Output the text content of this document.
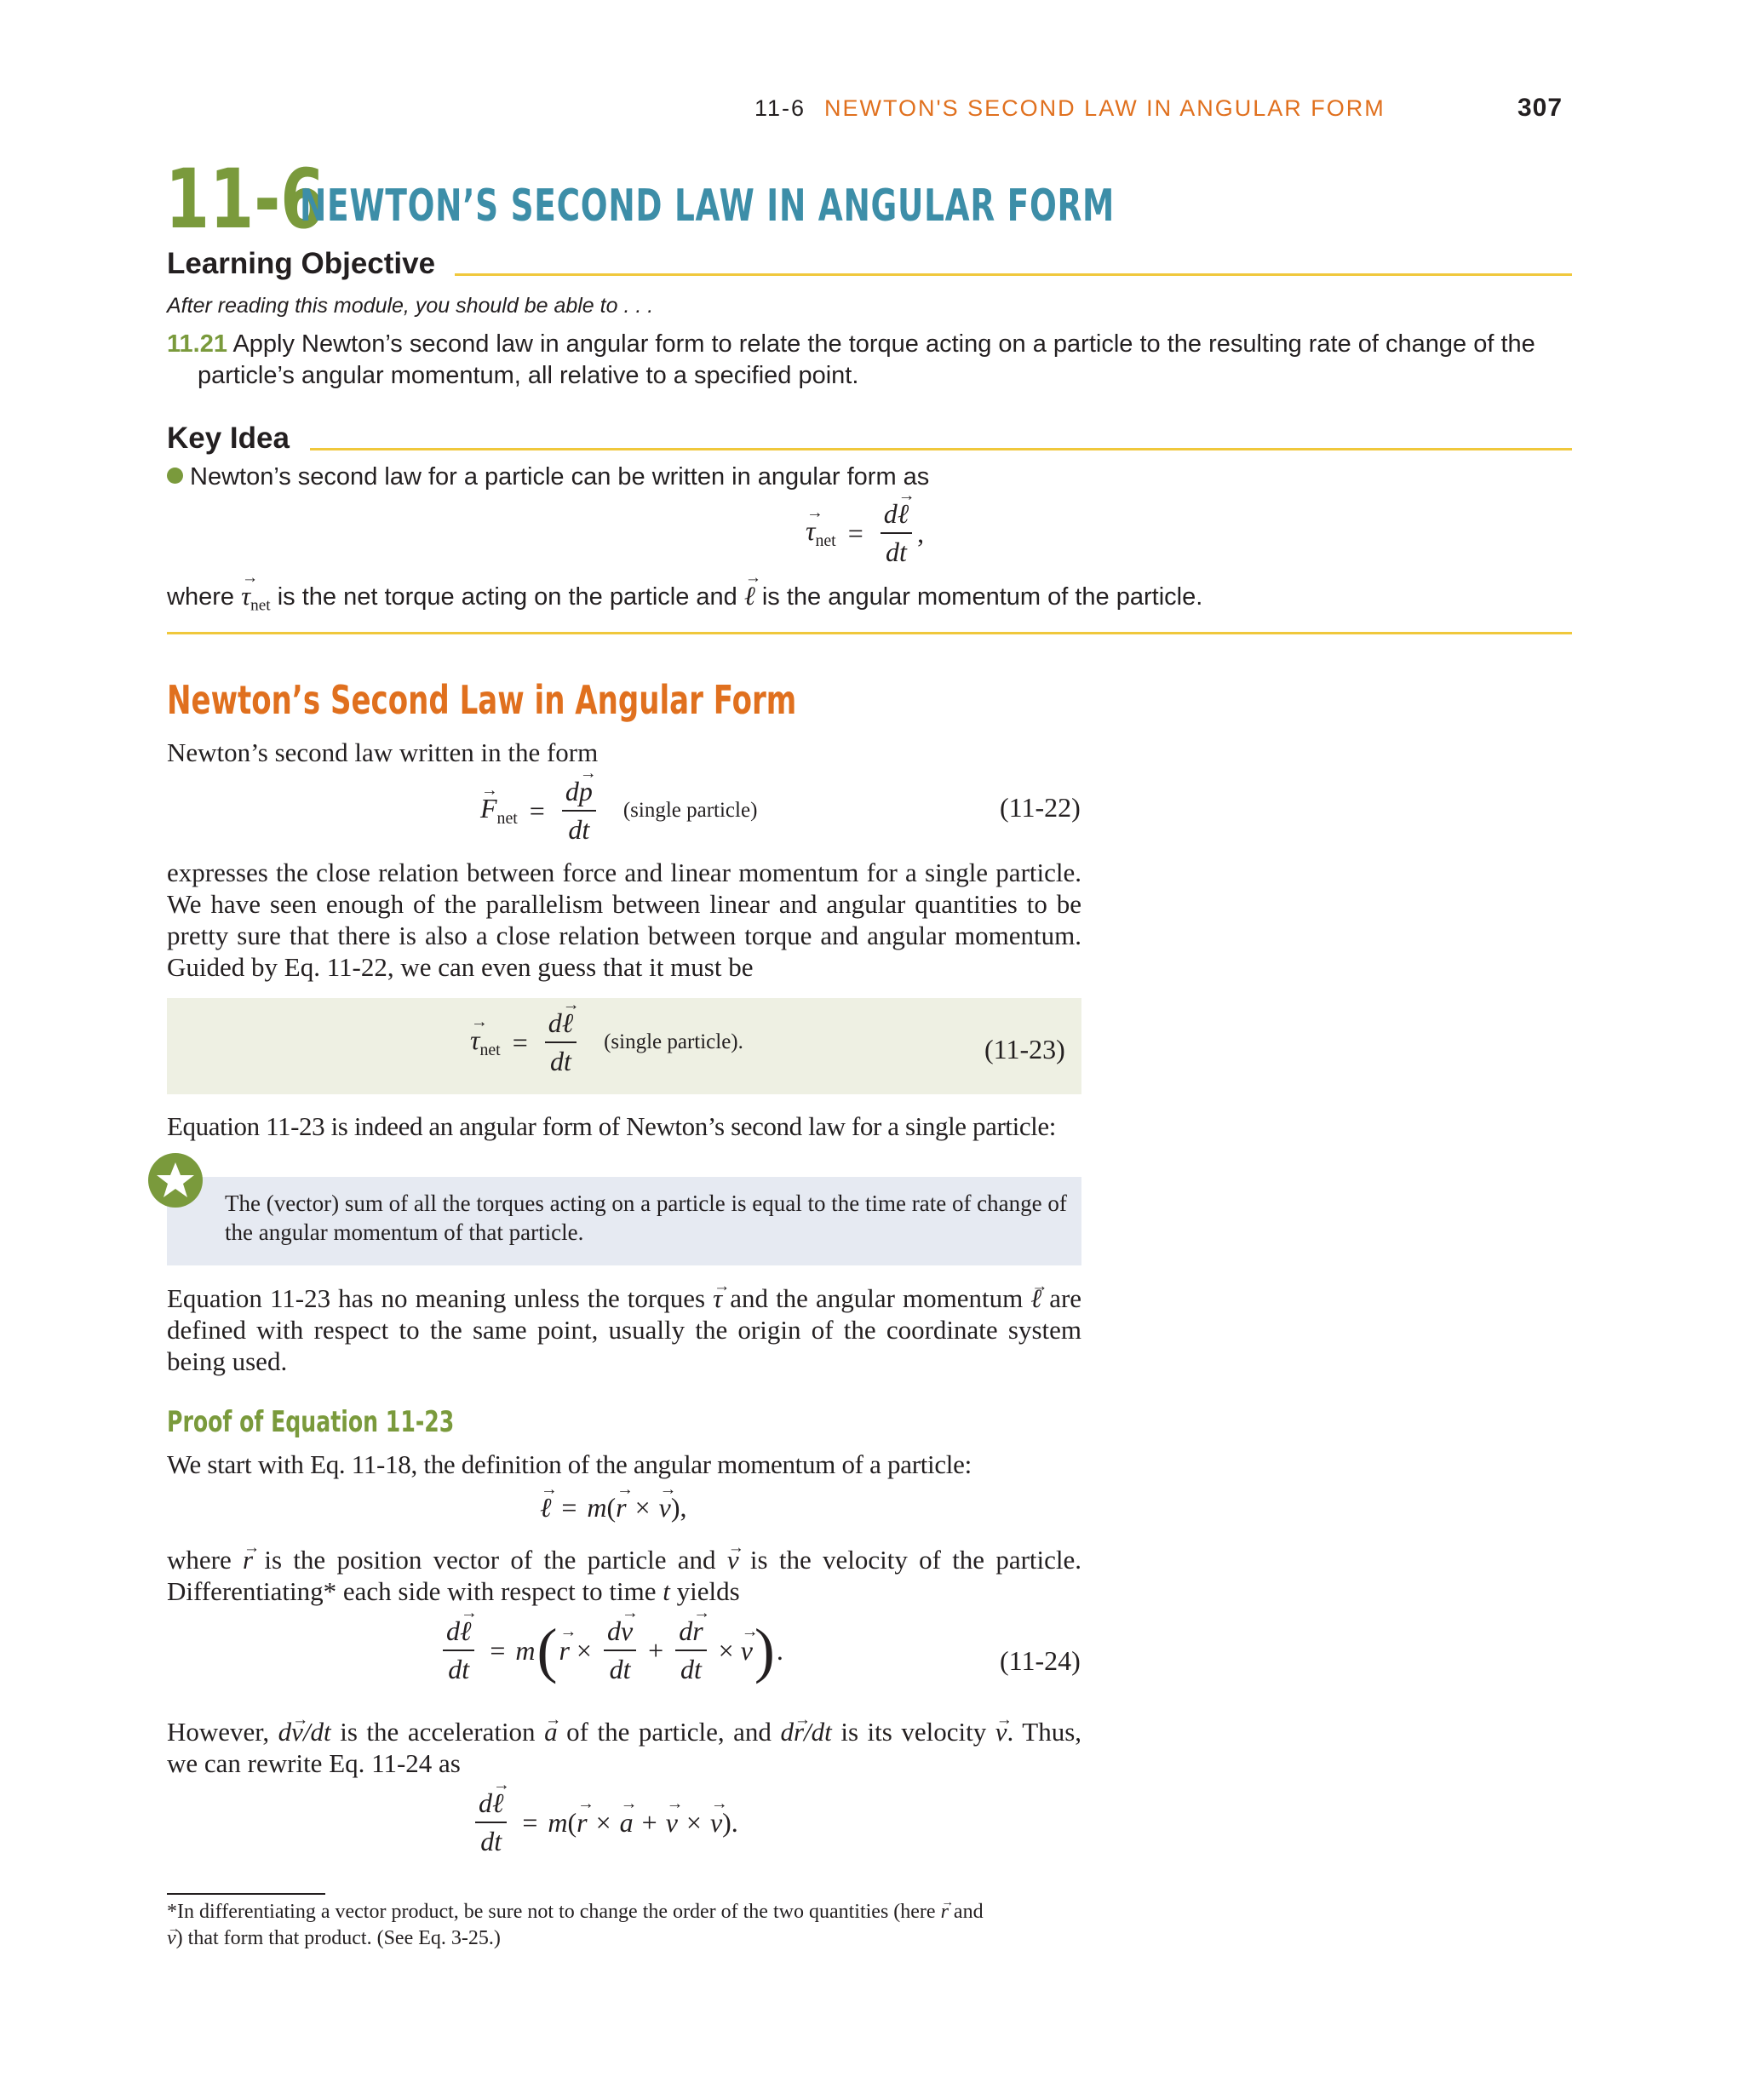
11-6 NEWTON'S SECOND LAW IN ANGULAR FORM	307
11-6
NEWTON’S SECOND LAW IN ANGULAR FORM
Learning Objective
After reading this module, you should be able to . . .
11.21 Apply Newton’s second law in angular form to relate the torque acting on a particle to the resulting rate of change of the
particle’s angular momentum, all relative to a specified point.
Key Idea
Newton’s second law for a particle can be written in angular form as
$\tau \to_{net} = \frac{\text{dℓ →}}{dt}$ ,
where $\tau \to_{net}$ is the net torque acting on the particle and ℓ → is the angular momentum of the particle.
Newton’s Second Law in Angular Form
Newton’s second law written in the form
$F \to_{net} = \frac{dp \to}{dt}$ (single particle)	(11-22)
expresses the close relation between force and linear momentum for a single particle. We have seen enough of the parallelism between linear and angular quantities to be pretty sure that there is also a close relation between torque and angular momentum. Guided by Eq. 11-22, we can even guess that it must be
$\tau \to_{net} = \frac{\text{dℓ →}}{dt}$ (single particle).	(11-23)
Equation 11-23 is indeed an angular form of Newton’s second law for a single particle:
The (vector) sum of all the torques acting on a particle is equal to the time rate of change of the angular momentum of that particle.
Equation 11-23 has no meaning unless the torques τ → and the angular momentum ℓ → are defined with respect to the same point, usually the origin of the coordinate system being used.
Proof of Equation 11-23
We start with Eq. 11-18, the definition of the angular momentum of a particle:
ℓ → = m ( r → × v → ),
where r → is the position vector of the particle and v → is the velocity of the particle. Differentiating* each side with respect to time t yields
$\frac{\text{dℓ →}}{dt} = m$ ( r → × $\frac{dv \to}{dt} + \frac{dr \to}{dt} \times v$ → ) .	(11-24)
However, dv →/dt is the acceleration a → of the particle, and dr →/dt is its velocity v →. Thus, we can rewrite Eq. 11-24 as
$\frac{\text{dℓ →}}{dt} = m$ ( r → × a → + v → × v → ).
*In differentiating a vector product, be sure not to change the order of the two quantities (here r → and
v →) that form that product. (See Eq. 3-25.)
